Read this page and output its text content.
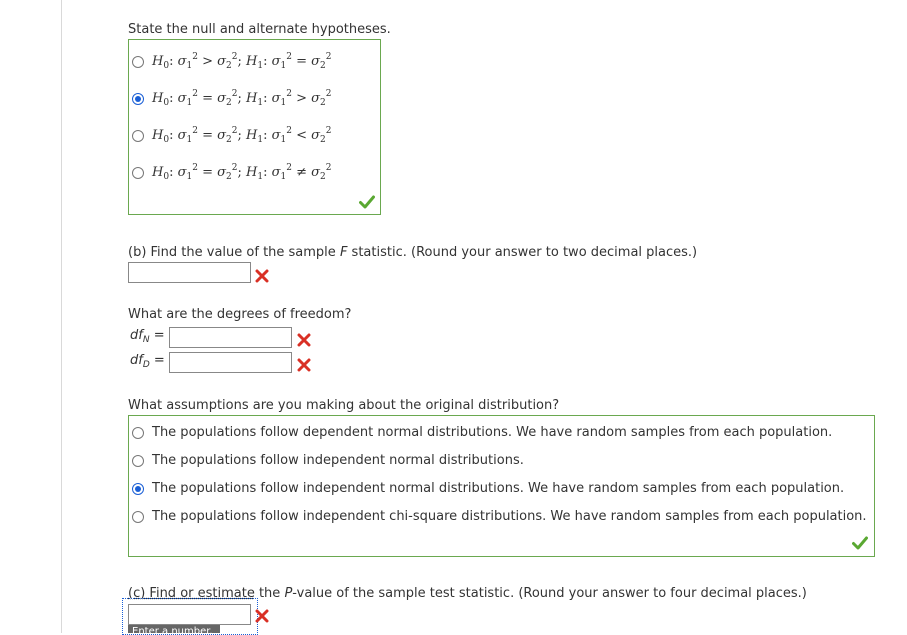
State the null and alternate hypotheses.
$H_0$: $\sigma_1^2 > \sigma_2^2$; $H_1$: $\sigma_1^2 = \sigma_2^2$
$H_0$: $\sigma_1^2 = \sigma_2^2$; $H_1$: $\sigma_1^2 > \sigma_2^2$
$H_0$: $\sigma_1^2 = \sigma_2^2$; $H_1$: $\sigma_1^2 < \sigma_2^2$
$H_0$: $\sigma_1^2 = \sigma_2^2$; $H_1$: $\sigma_1^2 \ne \sigma_2^2$
(b) Find the value of the sample F statistic. (Round your answer to two decimal places.)
What are the degrees of freedom?
$df_N$ =
$df_D$ =
What assumptions are you making about the original distribution?
The populations follow dependent normal distributions. We have random samples from each population.
The populations follow independent normal distributions.
The populations follow independent normal distributions. We have random samples from each population.
The populations follow independent chi-square distributions. We have random samples from each population.
(c) Find or estimate the P-value of the sample test statistic. (Round your answer to four decimal places.)
Enter a number.
